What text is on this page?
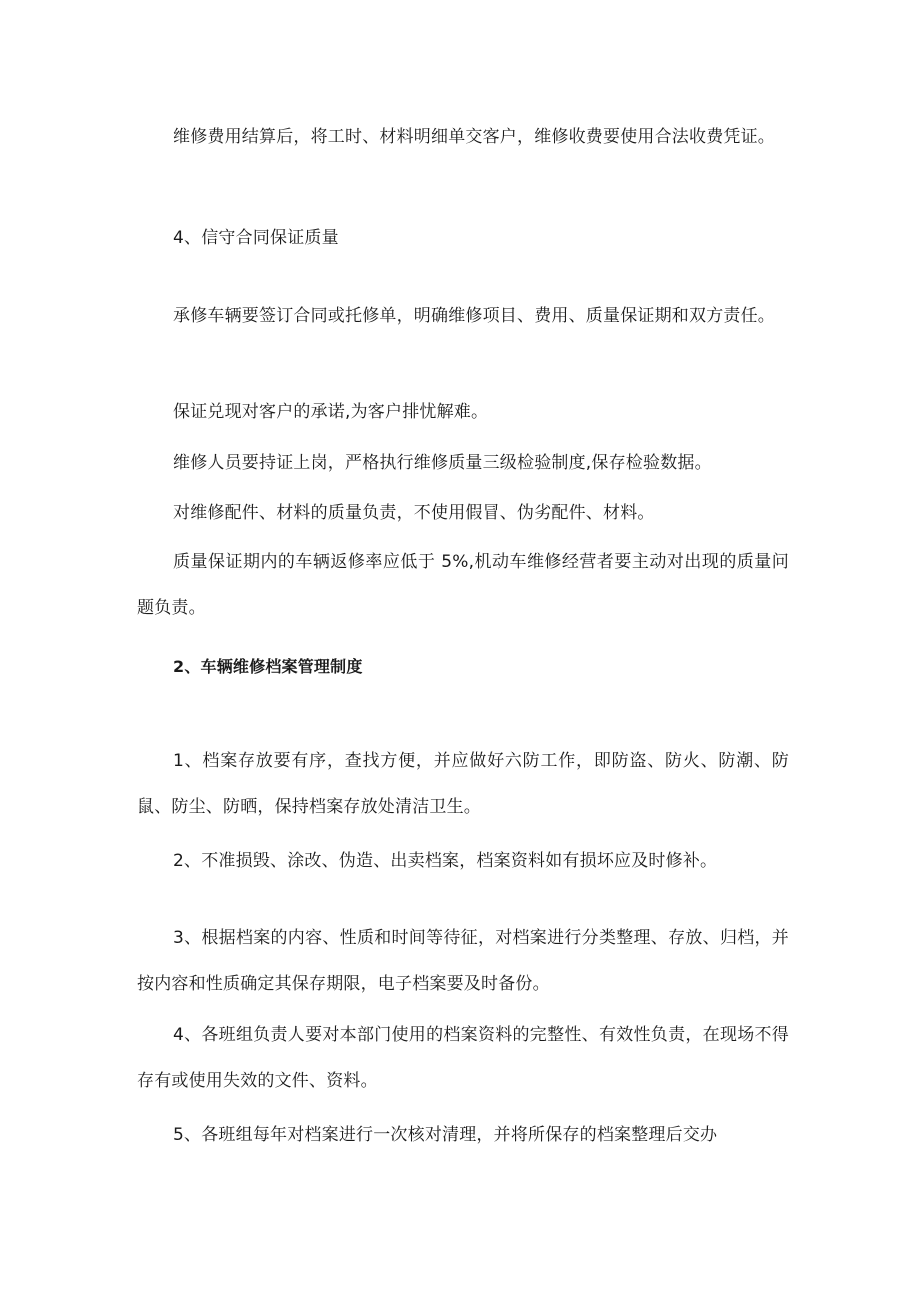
维修费用结算后，将工时、材料明细单交客户，维修收费要使用合法收费凭证。

4、信守合同保证质量

承修车辆要签订合同或托修单，明确维修项目、费用、质量保证期和双方责任。

保证兑现对客户的承诺,为客户排忧解难。

维修人员要持证上岗，严格执行维修质量三级检验制度,保存检验数据。

对维修配件、材料的质量负责，不使用假冒、伪劣配件、材料。

质量保证期内的车辆返修率应低于 5%,机动车维修经营者要主动对出现的质量问题负责。

2、车辆维修档案管理制度

1、档案存放要有序，查找方便，并应做好六防工作，即防盗、防火、防潮、防鼠、防尘、防晒，保持档案存放处清洁卫生。

2、不准损毁、涂改、伪造、出卖档案，档案资料如有损坏应及时修补。

3、根据档案的内容、性质和时间等待征，对档案进行分类整理、存放、归档，并按内容和性质确定其保存期限，电子档案要及时备份。

4、各班组负责人要对本部门使用的档案资料的完整性、有效性负责，在现场不得存有或使用失效的文件、资料。

5、各班组每年对档案进行一次核对清理，并将所保存的档案整理后交办
